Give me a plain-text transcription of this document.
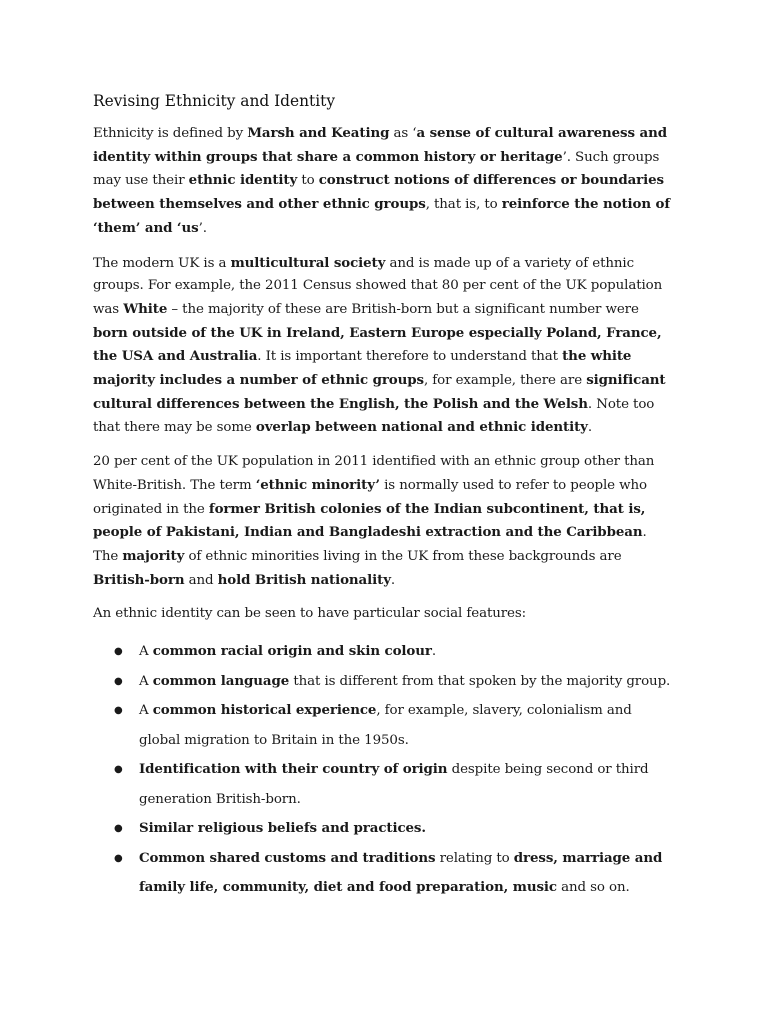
Revising Ethnicity and Identity

Ethnicity is defined by Marsh and Keating as ‘a sense of cultural awareness and identity within groups that share a common history or heritage’. Such groups may use their ethnic identity to construct notions of differences or boundaries between themselves and other ethnic groups, that is, to reinforce the notion of ‘them’ and ‘us’.

The modern UK is a multicultural society and is made up of a variety of ethnic groups. For example, the 2011 Census showed that 80 per cent of the UK population was White – the majority of these are British-born but a significant number were born outside of the UK in Ireland, Eastern Europe especially Poland, France, the USA and Australia. It is important therefore to understand that the white majority includes a number of ethnic groups, for example, there are significant cultural differences between the English, the Polish and the Welsh. Note too that there may be some overlap between national and ethnic identity.

20 per cent of the UK population in 2011 identified with an ethnic group other than White-British. The term ‘ethnic minority’ is normally used to refer to people who originated in the former British colonies of the Indian subcontinent, that is, people of Pakistani, Indian and Bangladeshi extraction and the Caribbean. The majority of ethnic minorities living in the UK from these backgrounds are British-born and hold British nationality.

An ethnic identity can be seen to have particular social features:

● A common racial origin and skin colour.
● A common language that is different from that spoken by the majority group.
● A common historical experience, for example, slavery, colonialism and global migration to Britain in the 1950s.
● Identification with their country of origin despite being second or third generation British-born.
● Similar religious beliefs and practices.
● Common shared customs and traditions relating to dress, marriage and family life, community, diet and food preparation, music and so on.
